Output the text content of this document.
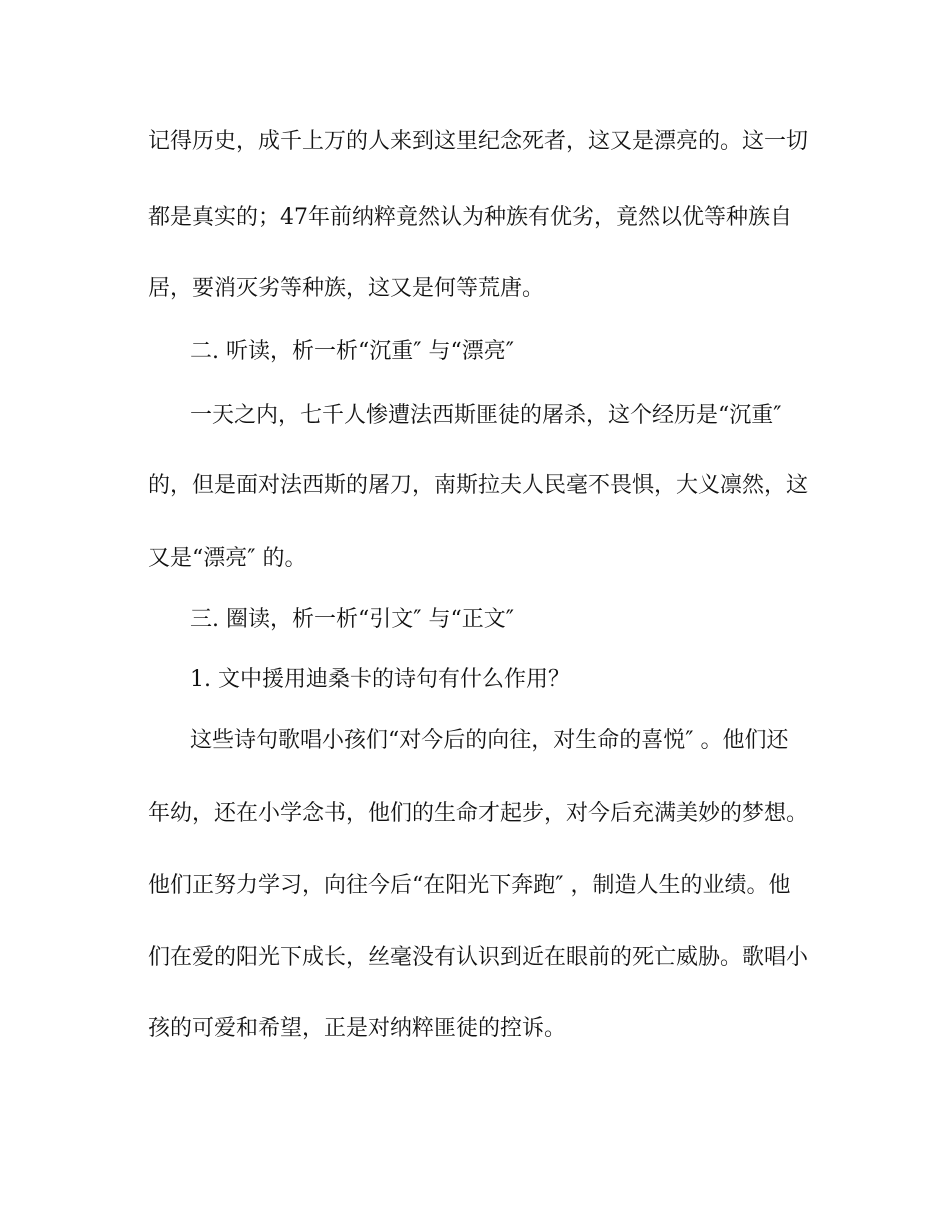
记得历史，成千上万的人来到这里纪念死者，这又是漂亮的。这一切
都是真实的；47年前纳粹竟然认为种族有优劣，竟然以优等种族自
居，要消灭劣等种族，这又是何等荒唐。
二. 听读，析一析“沉重″ 与“漂亮″
一天之内，七千人惨遭法西斯匪徒的屠杀，这个经历是“沉重″
的，但是面对法西斯的屠刀，南斯拉夫人民毫不畏惧，大义凛然，这
又是“漂亮″ 的。
三. 圈读，析一析“引文″ 与“正文″
1. 文中援用迪桑卡的诗句有什么作用？
这些诗句歌唱小孩们“对今后的向往，对生命的喜悦″ 。他们还
年幼，还在小学念书，他们的生命才起步，对今后充满美妙的梦想。
他们正努力学习，向往今后“在阳光下奔跑″ ，制造人生的业绩。他
们在爱的阳光下成长，丝毫没有认识到近在眼前的死亡威胁。歌唱小
孩的可爱和希望，正是对纳粹匪徒的控诉。
